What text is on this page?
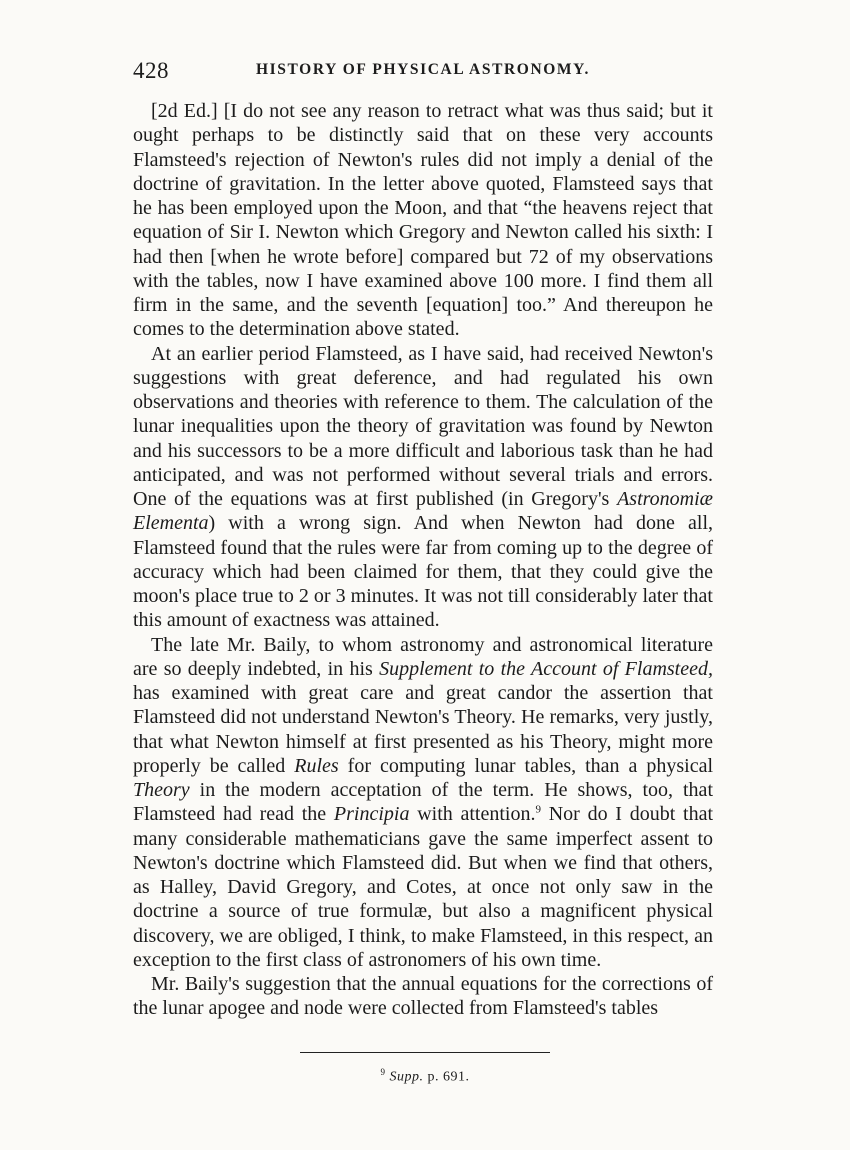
428	HISTORY OF PHYSICAL ASTRONOMY.

[2d Ed.] [I do not see any reason to retract what was thus said; but it ought perhaps to be distinctly said that on these very accounts Flamsteed's rejection of Newton's rules did not imply a denial of the doctrine of gravitation. In the letter above quoted, Flamsteed says that he has been employed upon the Moon, and that “the heavens reject that equation of Sir I. Newton which Gregory and Newton called his sixth: I had then [when he wrote before] compared but 72 of my observations with the tables, now I have examined above 100 more. I find them all firm in the same, and the seventh [equation] too.” And thereupon he comes to the determination above stated.

At an earlier period Flamsteed, as I have said, had received Newton's suggestions with great deference, and had regulated his own observations and theories with reference to them. The calculation of the lunar inequalities upon the theory of gravitation was found by Newton and his successors to be a more difficult and laborious task than he had anticipated, and was not performed without several trials and errors. One of the equations was at first published (in Gregory's Astronomiæ Elementa) with a wrong sign. And when Newton had done all, Flamsteed found that the rules were far from coming up to the degree of accuracy which had been claimed for them, that they could give the moon's place true to 2 or 3 minutes. It was not till considerably later that this amount of exactness was attained.

The late Mr. Baily, to whom astronomy and astronomical literature are so deeply indebted, in his Supplement to the Account of Flamsteed, has examined with great care and great candor the assertion that Flamsteed did not understand Newton's Theory. He remarks, very justly, that what Newton himself at first presented as his Theory, might more properly be called Rules for computing lunar tables, than a physical Theory in the modern acceptation of the term. He shows, too, that Flamsteed had read the Principia with attention.$^9$ Nor do I doubt that many considerable mathematicians gave the same imperfect assent to Newton's doctrine which Flamsteed did. But when we find that others, as Halley, David Gregory, and Cotes, at once not only saw in the doctrine a source of true formulæ, but also a magnificent physical discovery, we are obliged, I think, to make Flamsteed, in this respect, an exception to the first class of astronomers of his own time.

Mr. Baily's suggestion that the annual equations for the corrections of the lunar apogee and node were collected from Flamsteed's tables

$^9$ Supp. p. 691.
